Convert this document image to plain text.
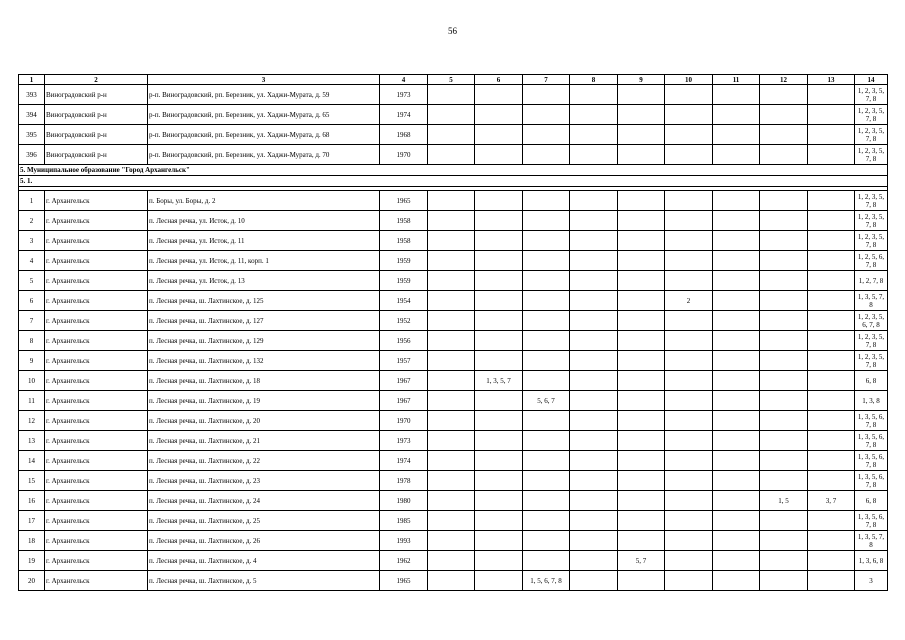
56
1	2	3	4	5	6	7	8	9	10	11	12	13	14
393	Виноградовский р-н	р-п. Виноградовский, рп. Березник, ул. Хаджи-Мурата, д. 59	1973										1, 2, 3, 5, 7, 8
394	Виноградовский р-н	р-п. Виноградовский, рп. Березник, ул. Хаджи-Мурата, д. 65	1974										1, 2, 3, 5, 7, 8
395	Виноградовский р-н	р-п. Виноградовский, рп. Березник, ул. Хаджи-Мурата, д. 68	1968										1, 2, 3, 5, 7, 8
396	Виноградовский р-н	р-п. Виноградовский, рп. Березник, ул. Хаджи-Мурата, д. 70	1970										1, 2, 3, 5, 7, 8
5. Муниципальное образование "Город Архангельск"													
5. 1.													

1	г. Архангельск	п. Боры, ул. Боры, д. 2	1965										1, 2, 3, 5, 7, 8
2	г. Архангельск	п. Лесная речка, ул. Исток, д. 10	1958										1, 2, 3, 5, 7, 8
3	г. Архангельск	п. Лесная речка, ул. Исток, д. 11	1958										1, 2, 3, 5, 7, 8
4	г. Архангельск	п. Лесная речка, ул. Исток, д. 11, корп. 1	1959										1, 2, 5, 6, 7, 8
5	г. Архангельск	п. Лесная речка, ул. Исток, д. 13	1959										1, 2, 7, 8
6	г. Архангельск	п. Лесная речка, ш. Лахтинское, д. 125	1954						2				1, 3, 5, 7, 8
7	г. Архангельск	п. Лесная речка, ш. Лахтинское, д. 127	1952										1, 2, 3, 5, 6, 7, 8
8	г. Архангельск	п. Лесная речка, ш. Лахтинское, д. 129	1956										1, 2, 3, 5, 7, 8
9	г. Архангельск	п. Лесная речка, ш. Лахтинское, д. 132	1957										1, 2, 3, 5, 7, 8
10	г. Архангельск	п. Лесная речка, ш. Лахтинское, д. 18	1967		1, 3, 5, 7								6, 8
11	г. Архангельск	п. Лесная речка, ш. Лахтинское, д. 19	1967			5, 6, 7							1, 3, 8
12	г. Архангельск	п. Лесная речка, ш. Лахтинское, д. 20	1970										1, 3, 5, 6, 7, 8
13	г. Архангельск	п. Лесная речка, ш. Лахтинское, д. 21	1973										1, 3, 5, 6, 7, 8
14	г. Архангельск	п. Лесная речка, ш. Лахтинское, д. 22	1974										1, 3, 5, 6, 7, 8
15	г. Архангельск	п. Лесная речка, ш. Лахтинское, д. 23	1978										1, 3, 5, 6, 7, 8
16	г. Архангельск	п. Лесная речка, ш. Лахтинское, д. 24	1980								1, 5	3, 7	6, 8
17	г. Архангельск	п. Лесная речка, ш. Лахтинское, д. 25	1985										1, 3, 5, 6, 7, 8
18	г. Архангельск	п. Лесная речка, ш. Лахтинское, д. 26	1993										1, 3, 5, 7, 8
19	г. Архангельск	п. Лесная речка, ш. Лахтинское, д. 4	1962					5, 7					1, 3, 6, 8
20	г. Архангельск	п. Лесная речка, ш. Лахтинское, д. 5	1965			1, 5, 6, 7, 8							3
